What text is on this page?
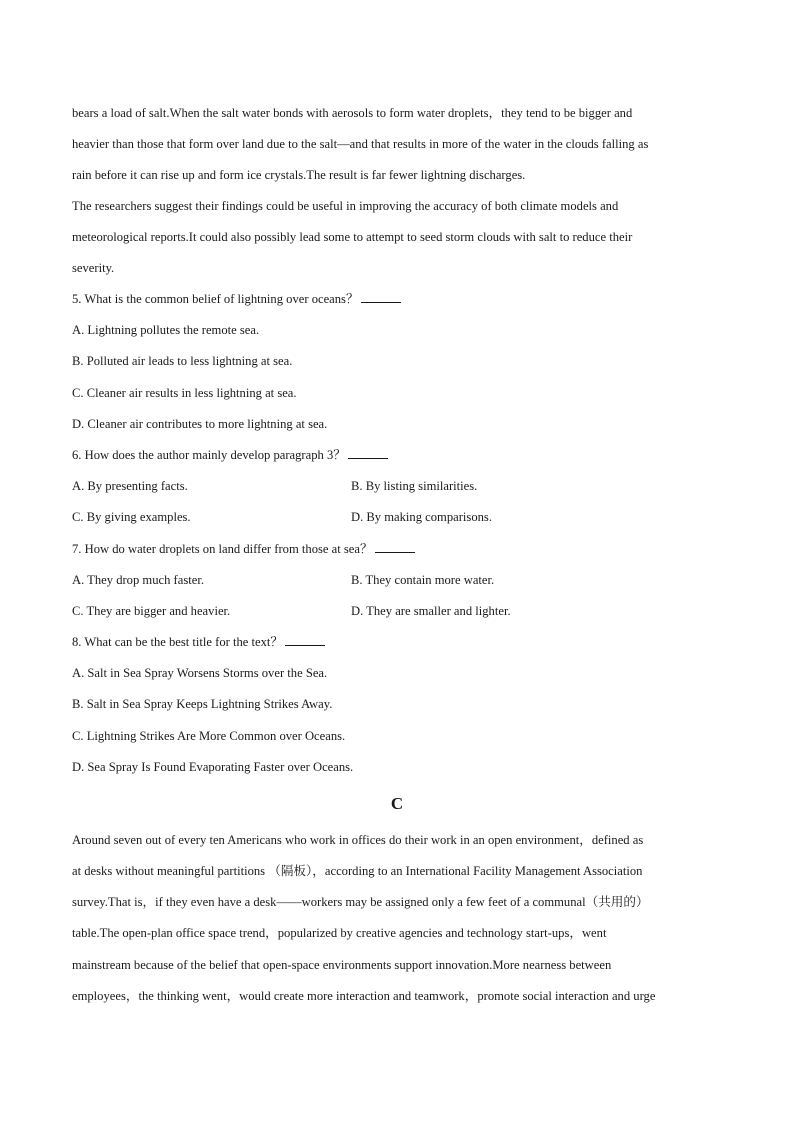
bears a load of salt.When the salt water bonds with aerosols to form water droplets，they tend to be bigger and
heavier than those that form over land due to the salt—and that results in more of the water in the clouds falling as
rain before it can rise up and form ice crystals.The result is far fewer lightning discharges.
The researchers suggest their findings could be useful in improving the accuracy of both climate models and
meteorological reports.It could also possibly lead some to attempt to seed storm clouds with salt to reduce their
severity.
5. What is the common belief of lightning over oceans？
A. Lightning pollutes the remote sea.
B. Polluted air leads to less lightning at sea.
C. Cleaner air results in less lightning at sea.
D. Cleaner air contributes to more lightning at sea.
6. How does the author mainly develop paragraph 3？
A. By presenting facts.	B. By listing similarities.
C. By giving examples.	D. By making comparisons.
7. How do water droplets on land differ from those at sea？
A. They drop much faster.	B. They contain more water.
C. They are bigger and heavier.	D. They are smaller and lighter.
8. What can be the best title for the text？
A. Salt in Sea Spray Worsens Storms over the Sea.
B. Salt in Sea Spray Keeps Lightning Strikes Away.
C. Lightning Strikes Are More Common over Oceans.
D. Sea Spray Is Found Evaporating Faster over Oceans.
C
Around seven out of every ten Americans who work in offices do their work in an open environment，defined as
at desks without meaningful partitions （隔板），according to an International Facility Management Association
survey.That is，if they even have a desk——workers may be assigned only a few feet of a communal（共用的）
table.The open-plan office space trend，popularized by creative agencies and technology start-ups，went
mainstream because of the belief that open-space environments support innovation.More nearness between
employees，the thinking went，would create more interaction and teamwork，promote social interaction and urge
